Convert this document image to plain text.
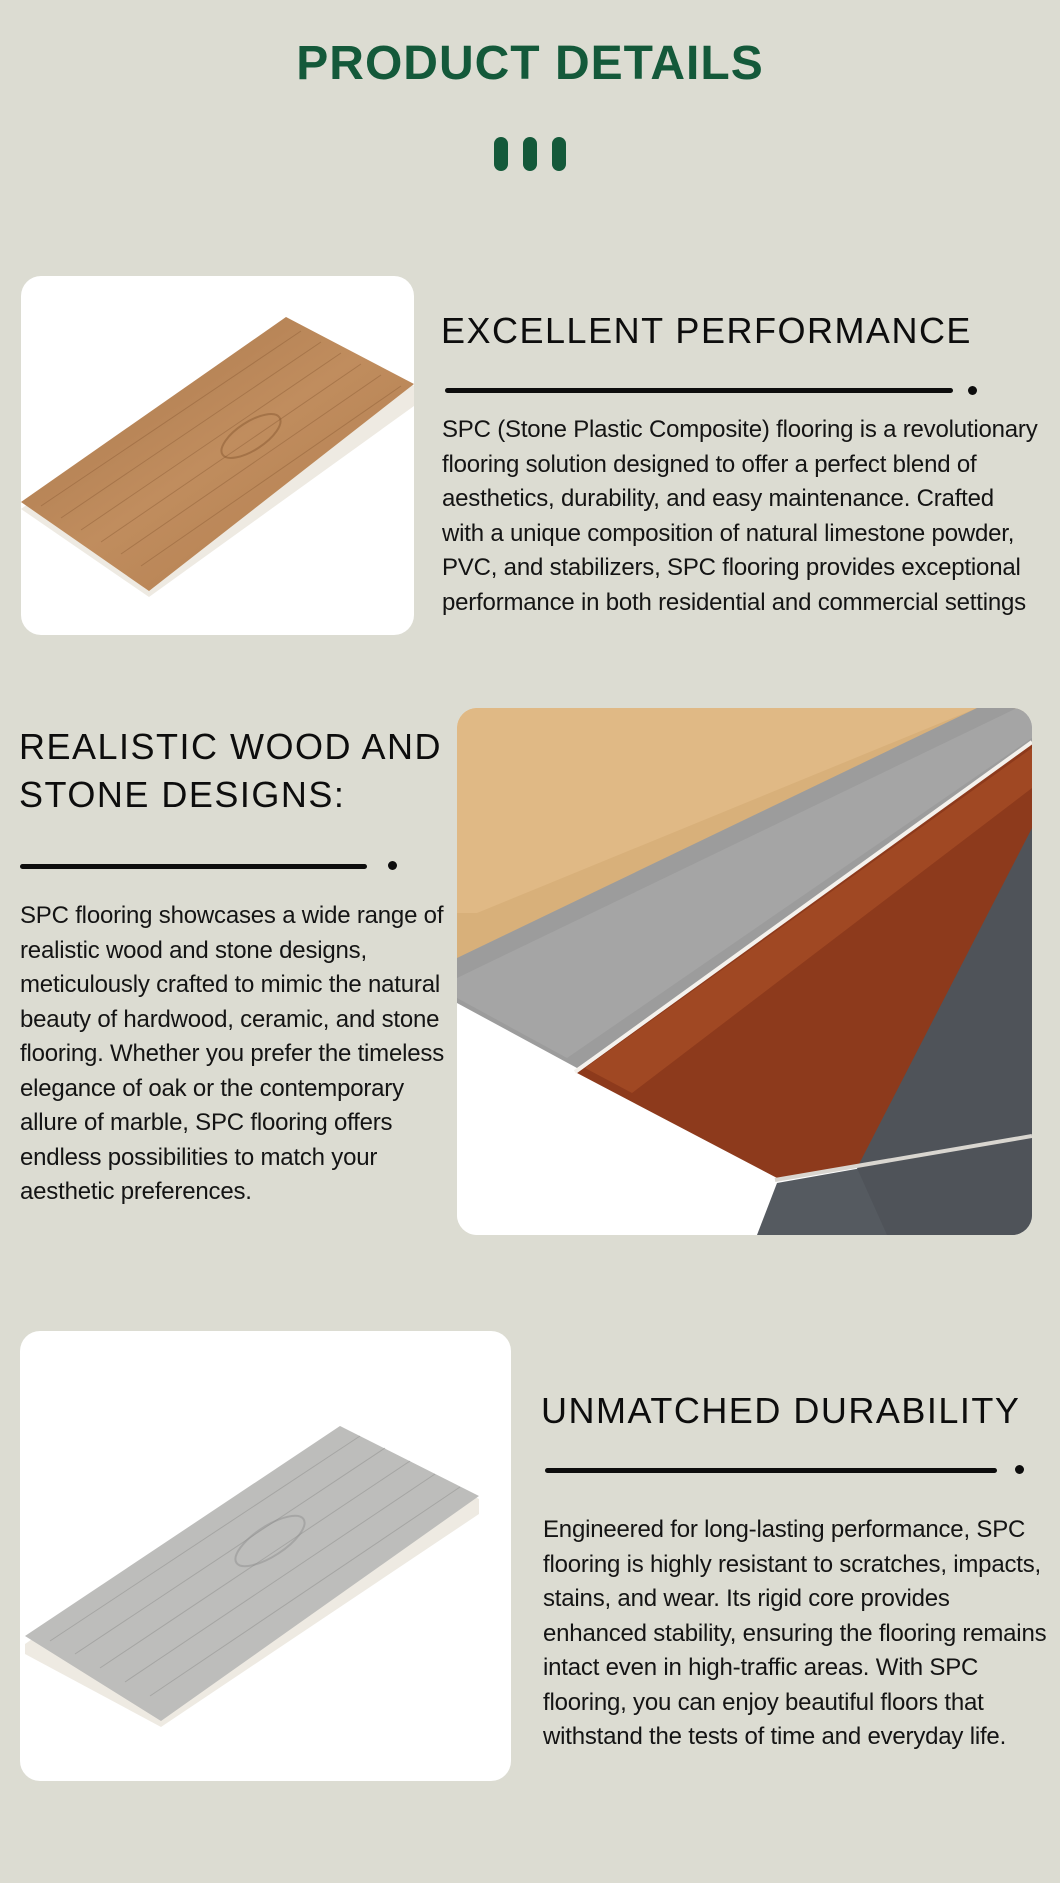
PRODUCT DETAILS
EXCELLENT PERFORMANCE

SPC (Stone Plastic Composite) flooring is a revolutionary flooring solution designed to offer a perfect blend of aesthetics, durability, and easy maintenance. Crafted with a unique composition of natural limestone powder, PVC, and stabilizers, SPC flooring provides exceptional performance in both residential and commercial settings

REALISTIC WOOD AND STONE DESIGNS:

SPC flooring showcases a wide range of realistic wood and stone designs, meticulously crafted to mimic the natural beauty of hardwood, ceramic, and stone flooring. Whether you prefer the timeless elegance of oak or the contemporary allure of marble, SPC flooring offers endless possibilities to match your aesthetic preferences.

UNMATCHED DURABILITY

Engineered for long-lasting performance, SPC flooring is highly resistant to scratches, impacts, stains, and wear. Its rigid core provides enhanced stability, ensuring the flooring remains intact even in high-traffic areas. With SPC flooring, you can enjoy beautiful floors that withstand the tests of time and everyday life.
